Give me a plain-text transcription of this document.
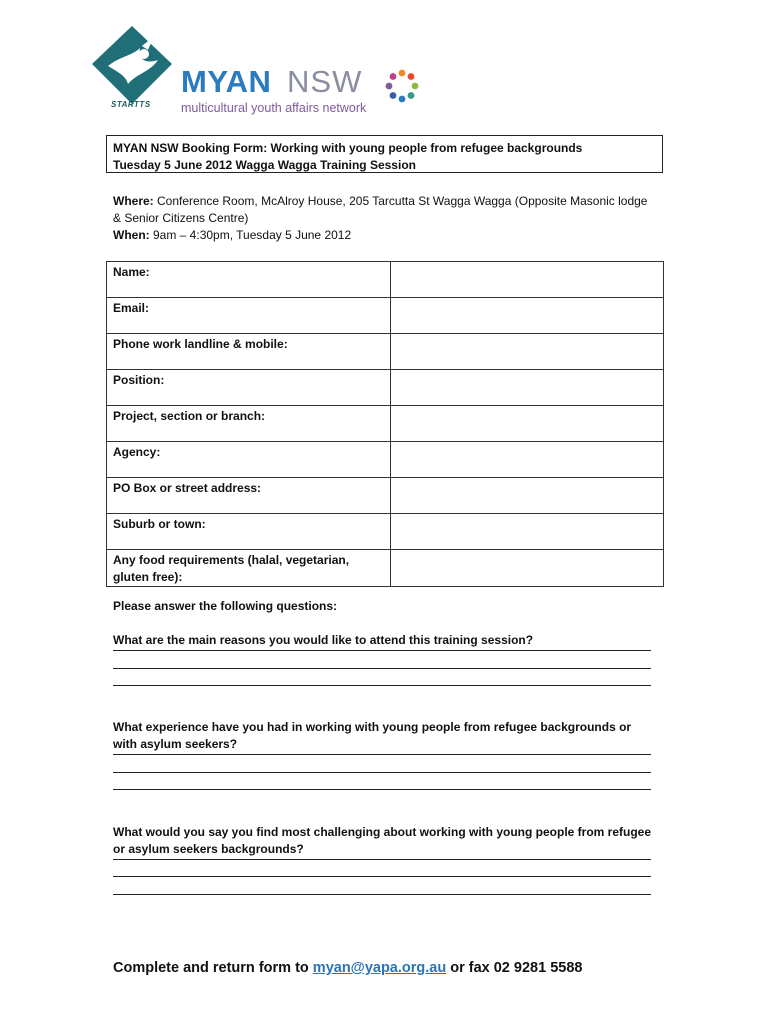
STARTTS
MYAN NSW
multicultural youth affairs network
MYAN NSW Booking Form: Working with young people from refugee backgrounds
Tuesday 5 June 2012 Wagga Wagga Training Session
Where: Conference Room, McAlroy House, 205 Tarcutta St Wagga Wagga (Opposite Masonic lodge & Senior Citizens Centre)
When: 9am – 4:30pm, Tuesday 5 June 2012
Name:	
Email:	
Phone work landline & mobile:	
Position:	
Project, section or branch:	
Agency:	
PO Box or street address:	
Suburb or town:	
Any food requirements (halal, vegetarian, gluten free):	
Please answer the following questions:
What are the main reasons you would like to attend this training session?
What experience have you had in working with young people from refugee backgrounds or with asylum seekers?
What would you say you find most challenging about working with young people from refugee or asylum seekers backgrounds?
Complete and return form to myan@yapa.org.au or fax 02 9281 5588
